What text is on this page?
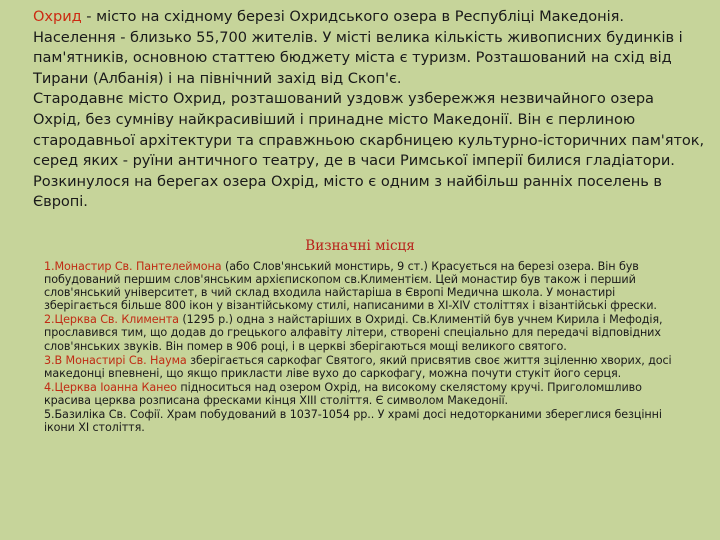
Охрид - місто на східному березі Охридського озера в Республіці Македонія. Населення - близько 55,700 жителів. У місті велика кількість живописних будинків і пам'ятників, основною статтею бюджету міста є туризм. Розташований на схід від Тирани (Албанія) і на північний захід від Скоп'є.

Стародавнє місто Охрид, розташований уздовж узбережжя незвичайного озера Охрід, без сумніву найкрасивіший і принадне місто Македонії. Він є перлиною стародавньої архітектури та справжньою скарбницею культурно-історичних пам'яток, серед яких - руїни античного театру, де в часи Римської імперії билися гладіатори. Розкинулося на берегах озера Охрід, місто є одним з найбільш ранніх поселень в Європі.

Визначні місця

1.Монастир Св. Пантелеймона (або Слов'янський монстирь, 9 ст.) Красується на березі озера. Він був побудований першим слов'янським архієпископом св.Климентієм. Цей монастир був також і перший слов'янський університет, в чий склад входила найстаріша в Європі Медична школа. У монастирі зберігається більше 800 ікон у візантійському стилі, написаними в XI-XIV століттях і візантійські фрески.

2.Церква Св. Климента (1295 р.) одна з найстаріших в Охриді. Св.Климентій був учнем Кирила і Мефодія, прославився тим, що додав до грецького алфавіту літери, створені спеціально для передачі відповідних слов'янських звуків. Він помер в 906 році, і в церкві зберігаються мощі великого святого.

3.В Монастирі Св. Наума зберігається саркофаг Святого, який присвятив своє життя зціленню хворих, досі македонці впевнені, що якщо прикласти ліве вухо до саркофагу, можна почути стукіт його серця.

4.Церква Іоанна Канео підноситься над озером Охрід, на високому скелястому кручі. Приголомшливо красива церква розписана фресками кінця XIII століття. Є символом Македонії.

5.Базиліка Св. Софії. Храм побудований в 1037-1054 рр.. У храмі досі недоторканими збереглися безцінні ікони XI століття.
